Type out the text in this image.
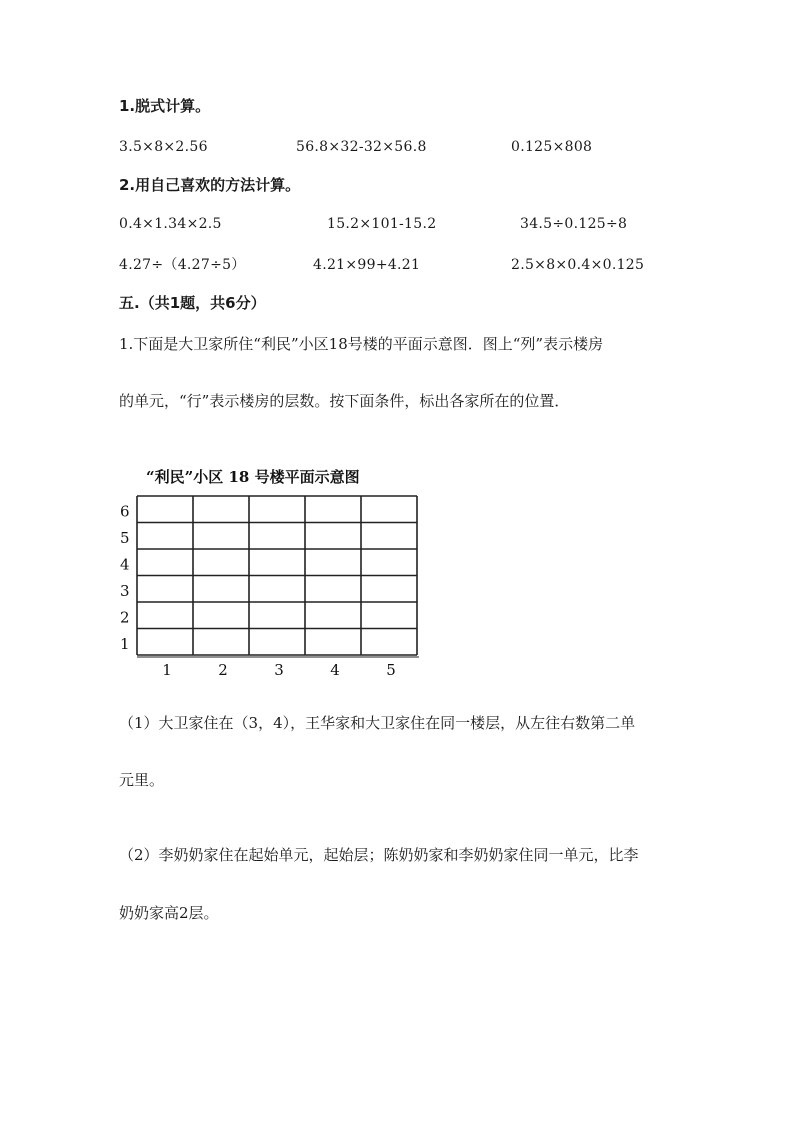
1.脱式计算。
3.5×8×2.56	56.8×32-32×56.8	0.125×808
2.用自己喜欢的方法计算。
0.4×1.34×2.5	15.2×101-15.2	34.5÷0.125÷8
4.27÷（4.27÷5）	4.21×99+4.21	2.5×8×0.4×0.125
五.（共1题，共6分）
1.下面是大卫家所住“利民”小区18号楼的平面示意图．图上“列”表示楼房
的单元，“行”表示楼房的层数。按下面条件，标出各家所在的位置．
“利民”小区 18 号楼平面示意图
1
2
3
4
5
6
1	2	3	4	5
（1）大卫家住在（3，4），王华家和大卫家住在同一楼层，从左往右数第二单
元里。
（2）李奶奶家住在起始单元，起始层；陈奶奶家和李奶奶家住同一单元，比李
奶奶家高2层。
